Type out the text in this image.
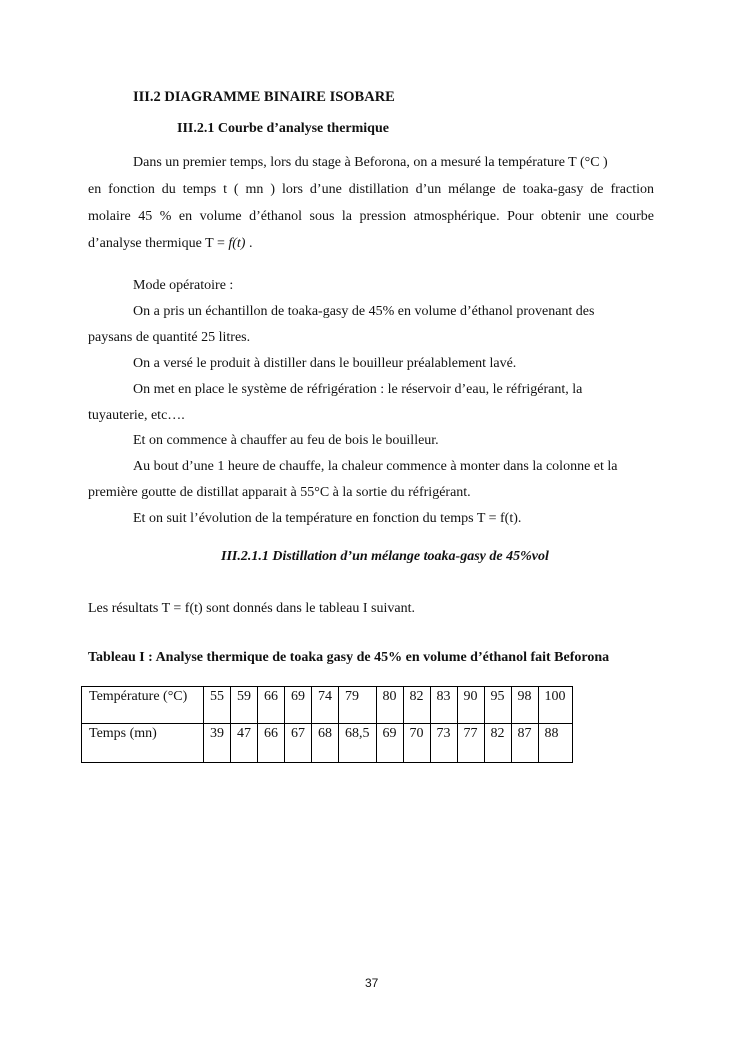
III.2 DIAGRAMME BINAIRE ISOBARE
III.2.1 Courbe d’analyse thermique
Dans un premier temps, lors du stage à Beforona, on a mesuré la température T (°C )
en fonction du temps t ( mn ) lors d’une distillation d’un mélange de toaka-gasy de fraction
molaire 45 % en volume d’éthanol sous la pression atmosphérique. Pour obtenir une courbe
d’analyse thermique T = f(t) .
Mode opératoire :
On a pris un échantillon de toaka-gasy de 45% en volume d’éthanol provenant des
paysans de quantité 25 litres.
On a versé le produit à distiller dans le bouilleur préalablement lavé.
On met en place le système de réfrigération : le réservoir d’eau, le réfrigérant, la
tuyauterie, etc….
Et on commence à chauffer au feu de bois le bouilleur.
Au bout d’une 1 heure de chauffe, la chaleur commence à monter dans la colonne et la
première goutte de distillat apparait à 55°C à la sortie du réfrigérant.
Et on suit l’évolution de la température en fonction du temps T = f(t).
III.2.1.1 Distillation d’un mélange toaka-gasy de 45%vol
Les résultats T = f(t) sont donnés dans le tableau I suivant.
Tableau I : Analyse thermique de toaka gasy de 45% en volume d’éthanol fait Beforona
Température (°C)	55	59	66	69	74	79	80	82	83	90	95	98	100
Temps (mn)	39	47	66	67	68	68,5	69	70	73	77	82	87	88
37
